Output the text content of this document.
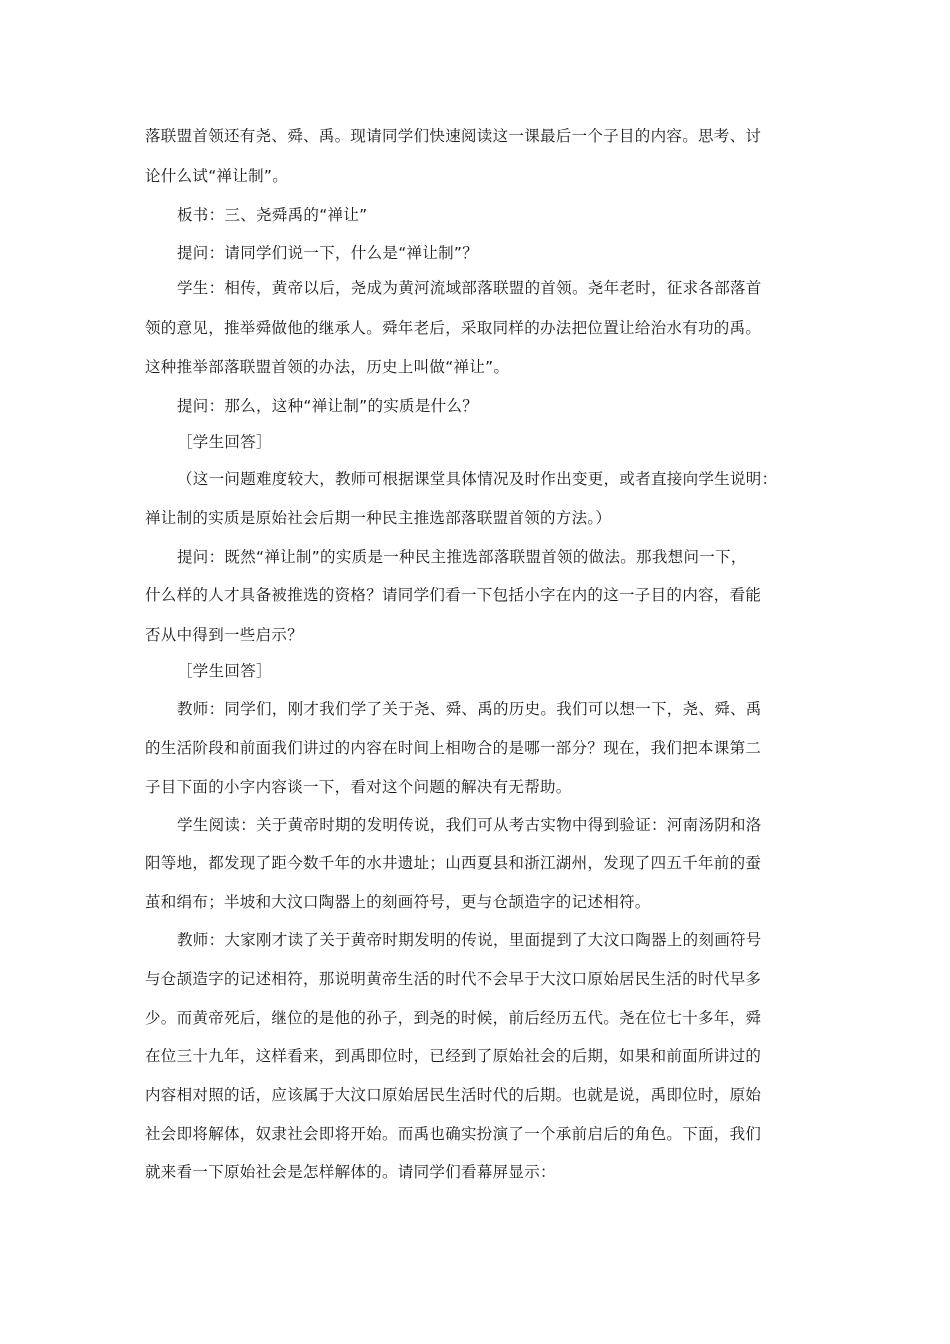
落联盟首领还有尧、舜、禹。现请同学们快速阅读这一课最后一个子目的内容。思考、讨
论什么试“禅让制”。
板书：三、尧舜禹的“禅让”
提问：请同学们说一下，什么是“禅让制”？
学生：相传，黄帝以后，尧成为黄河流域部落联盟的首领。尧年老时，征求各部落首
领的意见，推举舜做他的继承人。舜年老后，采取同样的办法把位置让给治水有功的禹。
这种推举部落联盟首领的办法，历史上叫做“禅让”。
提问：那么，这种“禅让制”的实质是什么？
［学生回答］
（这一问题难度较大，教师可根据课堂具体情况及时作出变更，或者直接向学生说明：
禅让制的实质是原始社会后期一种民主推选部落联盟首领的方法。）
提问：既然“禅让制”的实质是一种民主推选部落联盟首领的做法。那我想问一下，
什么样的人才具备被推选的资格？请同学们看一下包括小字在内的这一子目的内容，看能
否从中得到一些启示？
［学生回答］
教师：同学们，刚才我们学了关于尧、舜、禹的历史。我们可以想一下，尧、舜、禹
的生活阶段和前面我们讲过的内容在时间上相吻合的是哪一部分？现在，我们把本课第二
子目下面的小字内容谈一下，看对这个问题的解决有无帮助。
学生阅读：关于黄帝时期的发明传说，我们可从考古实物中得到验证：河南汤阴和洛
阳等地，都发现了距今数千年的水井遗址；山西夏县和浙江湖州，发现了四五千年前的蚕
茧和绢布；半坡和大汶口陶器上的刻画符号，更与仓颉造字的记述相符。
教师：大家刚才读了关于黄帝时期发明的传说，里面提到了大汶口陶器上的刻画符号
与仓颉造字的记述相符，那说明黄帝生活的时代不会早于大汶口原始居民生活的时代早多
少。而黄帝死后，继位的是他的孙子，到尧的时候，前后经历五代。尧在位七十多年，舜
在位三十九年，这样看来，到禹即位时，已经到了原始社会的后期，如果和前面所讲过的
内容相对照的话，应该属于大汶口原始居民生活时代的后期。也就是说，禹即位时，原始
社会即将解体，奴隶社会即将开始。而禹也确实扮演了一个承前启后的角色。下面，我们
就来看一下原始社会是怎样解体的。请同学们看幕屏显示：
